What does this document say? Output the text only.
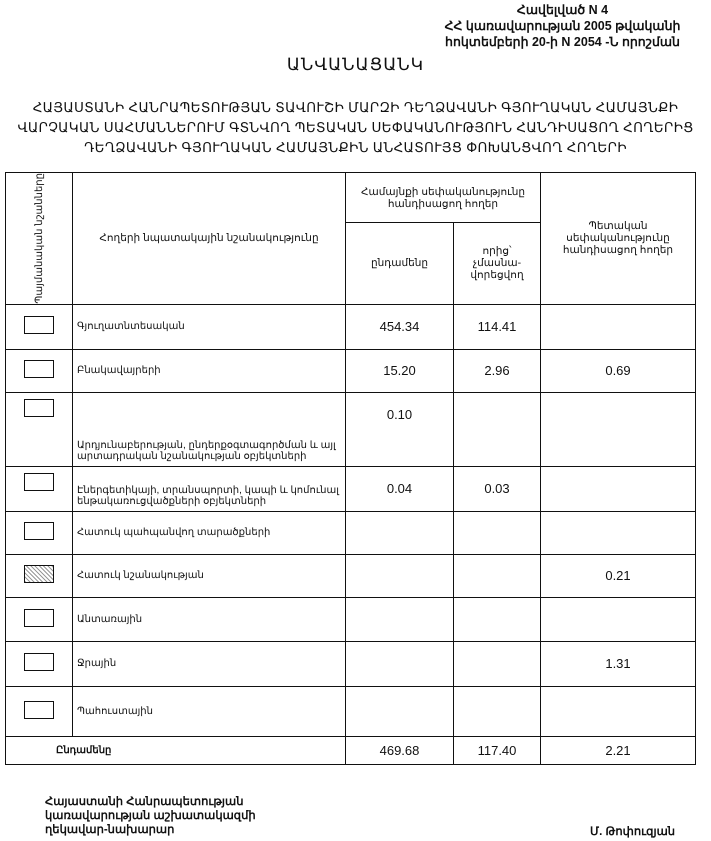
Հավելված N 4
ՀՀ կառավարության 2005 թվականի
հոկտեմբերի 20-ի N 2054 -Ն որոշման
ԱՆՎԱՆԱՑԱՆԿ
ՀԱՅԱՍՏԱՆԻ ՀԱՆՐԱՊԵՏՈՒԹՅԱՆ ՏԱՎՈՒՇԻ ՄԱՐԶԻ ԴԵՂՁԱՎԱՆԻ ԳՅՈՒՂԱԿԱՆ ՀԱՄԱՅՆՔԻ
ՎԱՐՉԱԿԱՆ ՍԱՀՄԱՆՆԵՐՈՒՄ ԳՏՆՎՈՂ ՊԵՏԱԿԱՆ ՍԵՓԱԿԱՆՈՒԹՅՈՒՆ ՀԱՆԴԻՍԱՑՈՂ ՀՈՂԵՐԻՑ
ԴԵՂՁԱՎԱՆԻ ԳՅՈՒՂԱԿԱՆ ՀԱՄԱՅՆՔԻՆ ԱՆՀԱՏՈՒՅՑ ՓՈԽԱՆՑՎՈՂ ՀՈՂԵՐԻ
Պայմանական նշանները	Հողերի նպատակային նշանակությունը	Համայնքի սեփականությունը հանդիսացող հողեր		Պետական սեփականությունը հանդիսացող հողեր
		ընդամենը	որից՝ չմասնա-վորեցվող	
	Գյուղատնտեսական	454.34	114.41	
	Բնակավայրերի	15.20	2.96	0.69
	Արդյունաբերության, ընդերքօգտագործման և այլ արտադրական նշանակության օբյեկտների	0.10		
	Էներգետիկայի, տրանսպորտի, կապի և կոմունալ ենթակառուցվածքների օբյեկտների	0.04	0.03	
	Հատուկ պահպանվող տարածքների			
	Հատուկ նշանակության			0.21
	Անտառային			
	Ջրային			1.31
	Պահուստային			
Ընդամենը		469.68	117.40	2.21
Հայաստանի Հանրապետության
կառավարության աշխատակազմի
ղեկավար-նախարար	Մ. Թոփուզյան
